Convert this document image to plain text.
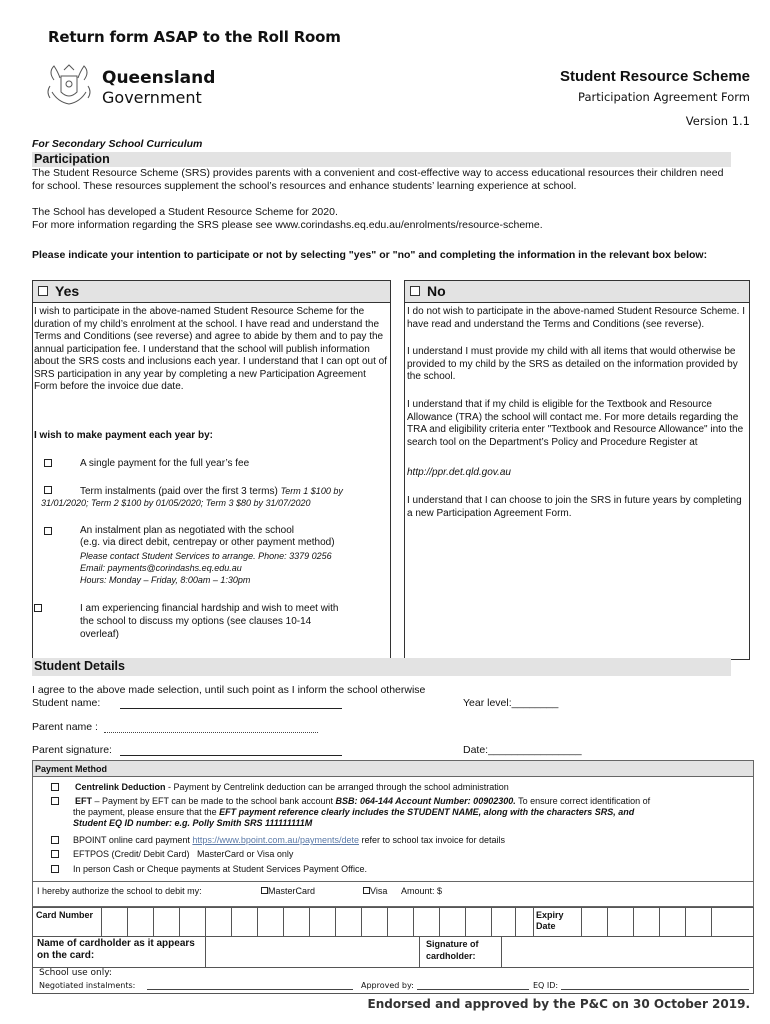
Return form ASAP to the Roll Room
Queensland
Government
Student Resource Scheme
Participation Agreement Form
Version 1.1
For Secondary School Curriculum
Participation
The Student Resource Scheme (SRS) provides parents with a convenient and cost-effective way to access educational resources their children need for school. These resources supplement the school’s resources and enhance students’ learning experience at school.
The School has developed a Student Resource Scheme for 2020.
For more information regarding the SRS please see www.corindashs.eq.edu.au/enrolments/resource-scheme.
Please indicate your intention to participate or not by selecting "yes" or "no" and completing the information in the relevant box below:
Yes
I wish to participate in the above-named Student Resource Scheme for the duration of my child’s enrolment at the school. I have read and understand the Terms and Conditions (see reverse) and agree to abide by them and to pay the annual participation fee. I understand that the school will publish information about the SRS costs and inclusions each year. I understand that I can opt out of SRS participation in any year by completing a new Participation Agreement Form before the invoice due date.
I wish to make payment each year by:
A single payment for the full year’s fee
Term instalments (paid over the first 3 terms) Term 1 $100 by
31/01/2020; Term 2 $100 by 01/05/2020; Term 3 $80 by 31/07/2020
An instalment plan as negotiated with the school
(e.g. via direct debit, centrepay or other payment method)
Please contact Student Services to arrange. Phone: 3379 0256
Email: payments@corindashs.eq.edu.au
Hours: Monday – Friday, 8:00am – 1:30pm
I am experiencing financial hardship and wish to meet with
the school to discuss my options (see clauses 10-14
overleaf)
No
I do not wish to participate in the above-named Student Resource Scheme. I have read and understand the Terms and Conditions (see reverse).
I understand I must provide my child with all items that would otherwise be provided to my child by the SRS as detailed on the information provided by the school.
I understand that if my child is eligible for the Textbook and Resource Allowance (TRA) the school will contact me. For more details regarding the TRA and eligibility criteria enter "Textbook and Resource Allowance" into the search tool on the Department’s Policy and Procedure Register at
http://ppr.det.qld.gov.au
I understand that I can choose to join the SRS in future years by completing a new Participation Agreement Form.
Student Details
I agree to the above made selection, until such point as I inform the school otherwise
Student name:	Year level:________
Parent name :
Parent signature:	Date:________________
Payment Method
Centrelink Deduction - Payment by Centrelink deduction can be arranged through the school administration
EFT – Payment by EFT can be made to the school bank account BSB: 064-144 Account Number: 00902300. To ensure correct identification of
the payment, please ensure that the EFT payment reference clearly includes the STUDENT NAME, along with the characters SRS, and
Student EQ ID number: e.g. Polly Smith SRS 111111111M
BPOINT online card payment https://www.bpoint.com.au/payments/dete refer to school tax invoice for details
EFTPOS (Credit/ Debit Card)   MasterCard or Visa only
In person Cash or Cheque payments at Student Services Payment Office.
I hereby authorize the school to debit my:	MasterCard	Visa Amount: $
Card Number	Expiry Date
Name of cardholder as it appears on the card:
Signature of cardholder:
School use only:
Negotiated instalments:	Approved by:	EQ ID:
Endorsed and approved by the P&C on 30 October 2019.
